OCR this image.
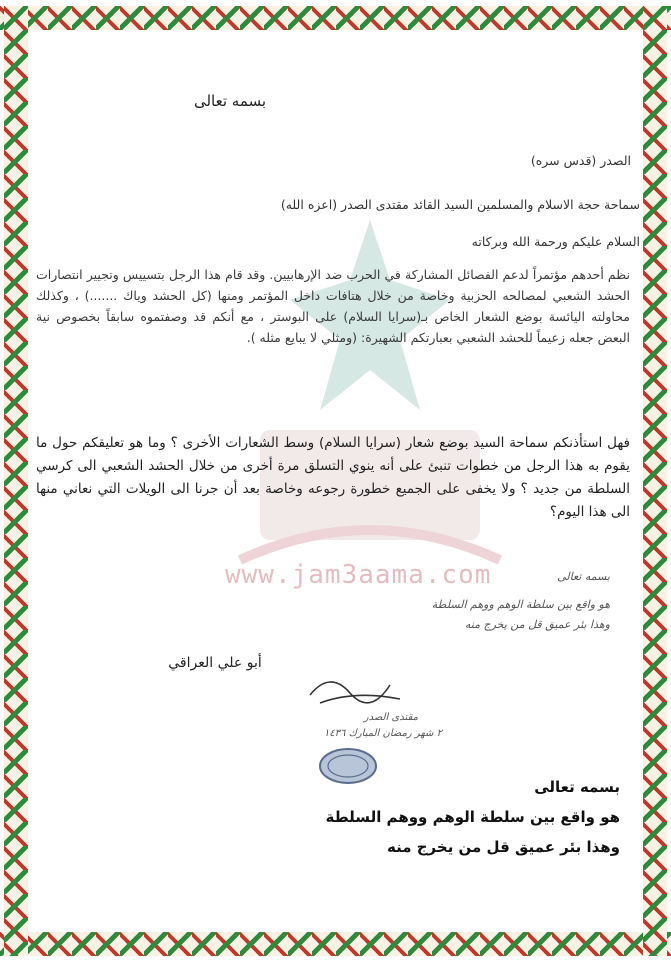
www.jam3aama.com
بسمه تعالى
الصدر (قدس سره)
سماحة حجة الاسلام والمسلمين السيد القائد مقتدى الصدر (اعزه الله)
السلام عليكم ورحمة الله وبركاته
نظم أحدهم مؤتمراً لدعم الفصائل المشاركة في الحرب ضد الإرهابيين. وقد قام هذا الرجل بتسييس وتجيير انتصارات الحشد الشعبي لمصالحه الحزبية وخاصة من خلال هتافات داخل المؤتمر ومنها (كل الحشد وياك .......) ، وكذلك محاولته اليائسة بوضع الشعار الخاص بـ(سرايا السلام) على البوستر ، مع أنكم قد وصفتموه سابقاً بخصوص نية البعض جعله زعيماً للحشد الشعبي بعبارتكم الشهيرة: (ومثلي لا يبايع مثله ).
فهل استأذنكم سماحة السيد بوضع شعار (سرايا السلام) وسط الشعارات الأخرى ؟ وما هو تعليقكم حول ما يقوم به هذا الرجل من خطوات تنبئ على أنه ينوي التسلق مرة أخرى من خلال الحشد الشعبي الى كرسي السلطة من جديد ؟ ولا يخفى على الجميع خطورة رجوعه وخاصة بعد أن جرنا الى الويلات التي نعاني منها الى هذا اليوم؟
بسمه تعالى
هو واقع بين سلطة الوهم ووهم السلطة
وهذا بئر عميق قل من يخرج منه
أبو علي العراقي
مقتدى الصدر
٢ شهر رمضان المبارك ١٤٣٦
بسمه تعالى
هو واقع بين سلطة الوهم ووهم السلطة
وهذا بئر عميق قل من يخرج منه
